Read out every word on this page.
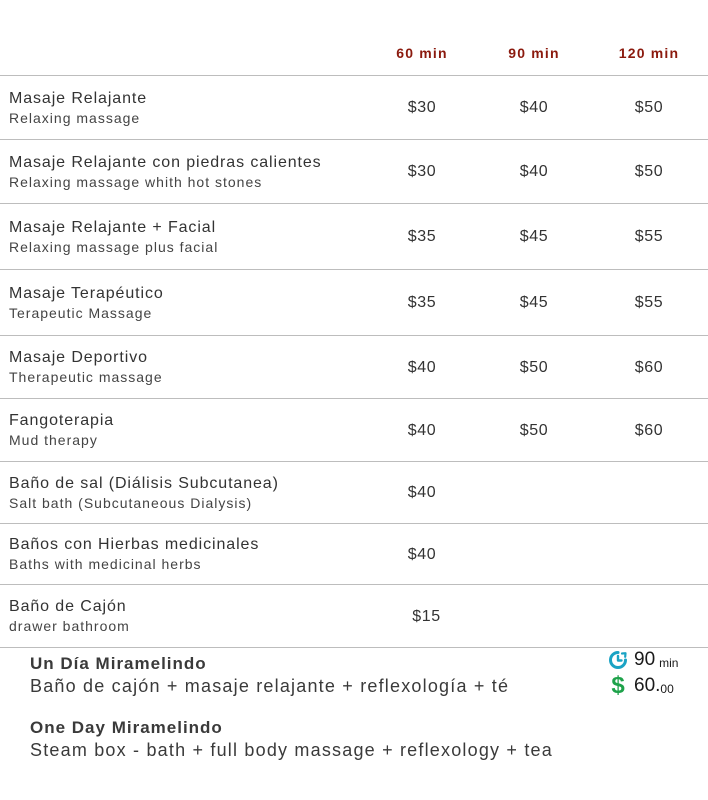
	60 min	90 min	120 min

Masaje Relajante
Relaxing massage	$30	$40	$50

Masaje Relajante con piedras calientes
Relaxing massage whith hot stones	$30	$40	$50

Masaje Relajante + Facial
Relaxing massage plus facial	$35	$45	$55

Masaje Terapéutico
Terapeutic Massage	$35	$45	$55

Masaje Deportivo
Therapeutic massage	$40	$50	$60

Fangoterapia
Mud therapy	$40	$50	$60

Baño de sal (Diálisis Subcutanea)
Salt bath (Subcutaneous Dialysis)	$40		

Baños con Hierbas medicinales
Baths with medicinal herbs	$40		

Baño de Cajón
drawer bathroom	$15		
Un Día Miramelindo
Baño de cajón + masaje relajante + reflexología + té
One Day Miramelindo
Steam box - bath + full body massage + reflexology + tea
90 min
$ 60. 00
